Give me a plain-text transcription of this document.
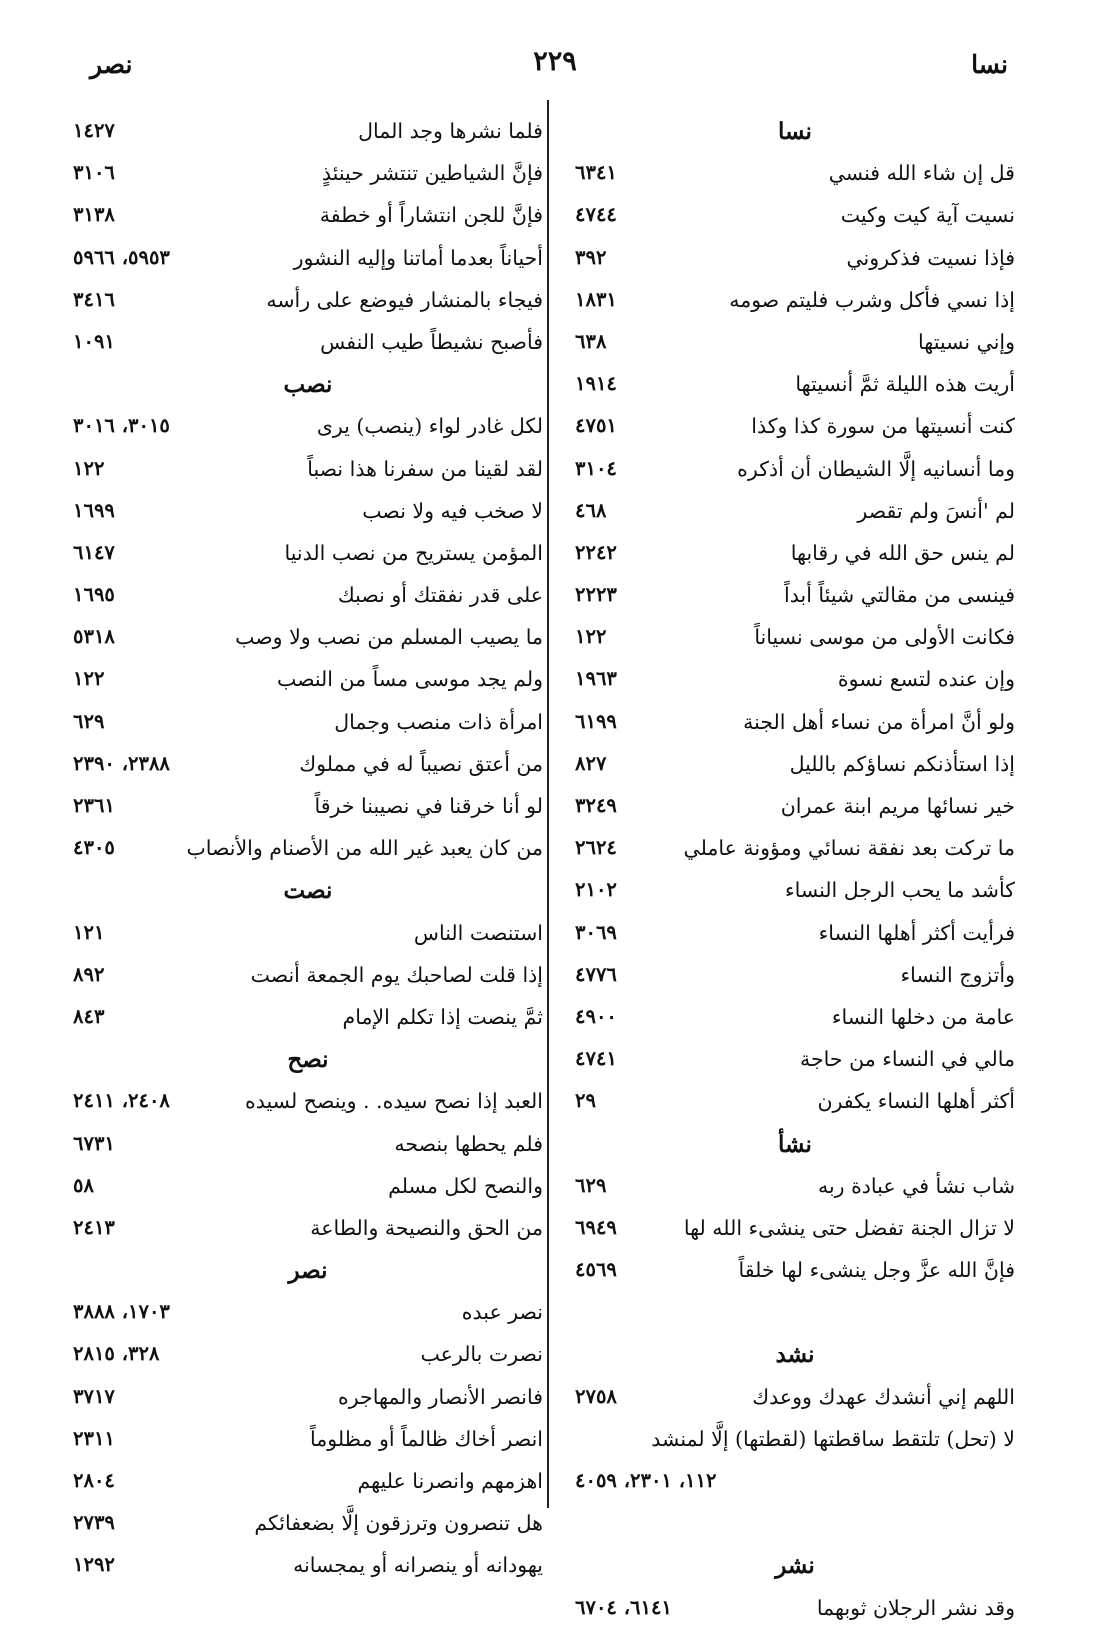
نسا
٢٢٩
نصر
نسا
قل إن شاء الله فنسي
٦٣٤١
نسيت آية كيت وكيت
٤٧٤٤
فإذا نسيت فذكروني
٣٩٢
إذا نسي فأكل وشرب فليتم صومه
١٨٣١
وإني نسيتها
٦٣٨
أريت هذه الليلة ثمَّ أنسيتها
١٩١٤
كنت أنسيتها من سورة كذا وكذا
٤٧٥١
وما أنسانيه إلَّا الشيطان أن أذكره
٣١٠٤
لم 'أنسَ ولم تقصر
٤٦٨
لم ينس حق الله في رقابها
٢٢٤٢
فينسى من مقالتي شيئاً أبداً
٢٢٢٣
فكانت الأولى من موسى نسياناً
١٢٢
وإن عنده لتسع نسوة
١٩٦٣
ولو أنَّ امرأة من نساء أهل الجنة
٦١٩٩
إذا استأذنكم نساؤكم بالليل
٨٢٧
خير نسائها مريم ابنة عمران
٣٢٤٩
ما تركت بعد نفقة نسائي ومؤونة عاملي
٢٦٢٤
كأشد ما يحب الرجل النساء
٢١٠٢
فرأيت أكثر أهلها النساء
٣٠٦٩
وأتزوج النساء
٤٧٧٦
عامة من دخلها النساء
٤٩٠٠
مالي في النساء من حاجة
٤٧٤١
أكثر أهلها النساء يكفرن
٢٩
نشأ
شاب نشأ في عبادة ربه
٦٢٩
لا تزال الجنة تفضل حتى ينشىء الله لها
٦٩٤٩
فإنَّ الله عزَّ وجل ينشىء لها خلقاً
٤٥٦٩
نشد
اللهم إني أنشدك عهدك ووعدك
٢٧٥٨
لا (تحل) تلتقط ساقطتها (لقطتها) إلَّا لمنشد
١١٢، ٢٣٠١، ٤٠٥٩
نشر
وقد نشر الرجلان ثوبهما
٦١٤١، ٦٧٠٤
فلما نشرها وجد المال
١٤٢٧
فإنَّ الشياطين تنتشر حينئذٍ
٣١٠٦
فإنَّ للجن انتشاراً أو خطفة
٣١٣٨
أحياناً بعدما أماتنا وإليه النشور
٥٩٥٣، ٥٩٦٦
فيجاء بالمنشار فيوضع على رأسه
٣٤١٦
فأصبح نشيطاً طيب النفس
١٠٩١
نصب
لكل غادر لواء (ينصب) يرى
٣٠١٥، ٣٠١٦
لقد لقينا من سفرنا هذا نصباً
١٢٢
لا صخب فيه ولا نصب
١٦٩٩
المؤمن يستريح من نصب الدنيا
٦١٤٧
على قدر نفقتك أو نصبك
١٦٩٥
ما يصيب المسلم من نصب ولا وصب
٥٣١٨
ولم يجد موسى مساً من النصب
١٢٢
امرأة ذات منصب وجمال
٦٢٩
من أعتق نصيباً له في مملوك
٢٣٨٨، ٢٣٩٠
لو أنا خرقنا في نصيبنا خرقاً
٢٣٦١
من كان يعبد غير الله من الأصنام والأنصاب
٤٣٠٥
نصت
استنصت الناس
١٢١
إذا قلت لصاحبك يوم الجمعة أنصت
٨٩٢
ثمَّ ينصت إذا تكلم الإمام
٨٤٣
نصح
العبد إذا نصح سيده. . وينصح لسيده
٢٤٠٨، ٢٤١١
فلم يحطها بنصحه
٦٧٣١
والنصح لكل مسلم
٥٨
من الحق والنصيحة والطاعة
٢٤١٣
نصر
نصر عبده
١٧٠٣، ٣٨٨٨
نصرت بالرعب
٣٢٨، ٢٨١٥
فانصر الأنصار والمهاجره
٣٧١٧
انصر أخاك ظالماً أو مظلوماً
٢٣١١
اهزمهم وانصرنا عليهم
٢٨٠٤
هل تنصرون وترزقون إلَّا بضعفائكم
٢٧٣٩
يهودانه أو ينصرانه أو يمجسانه
١٢٩٢
